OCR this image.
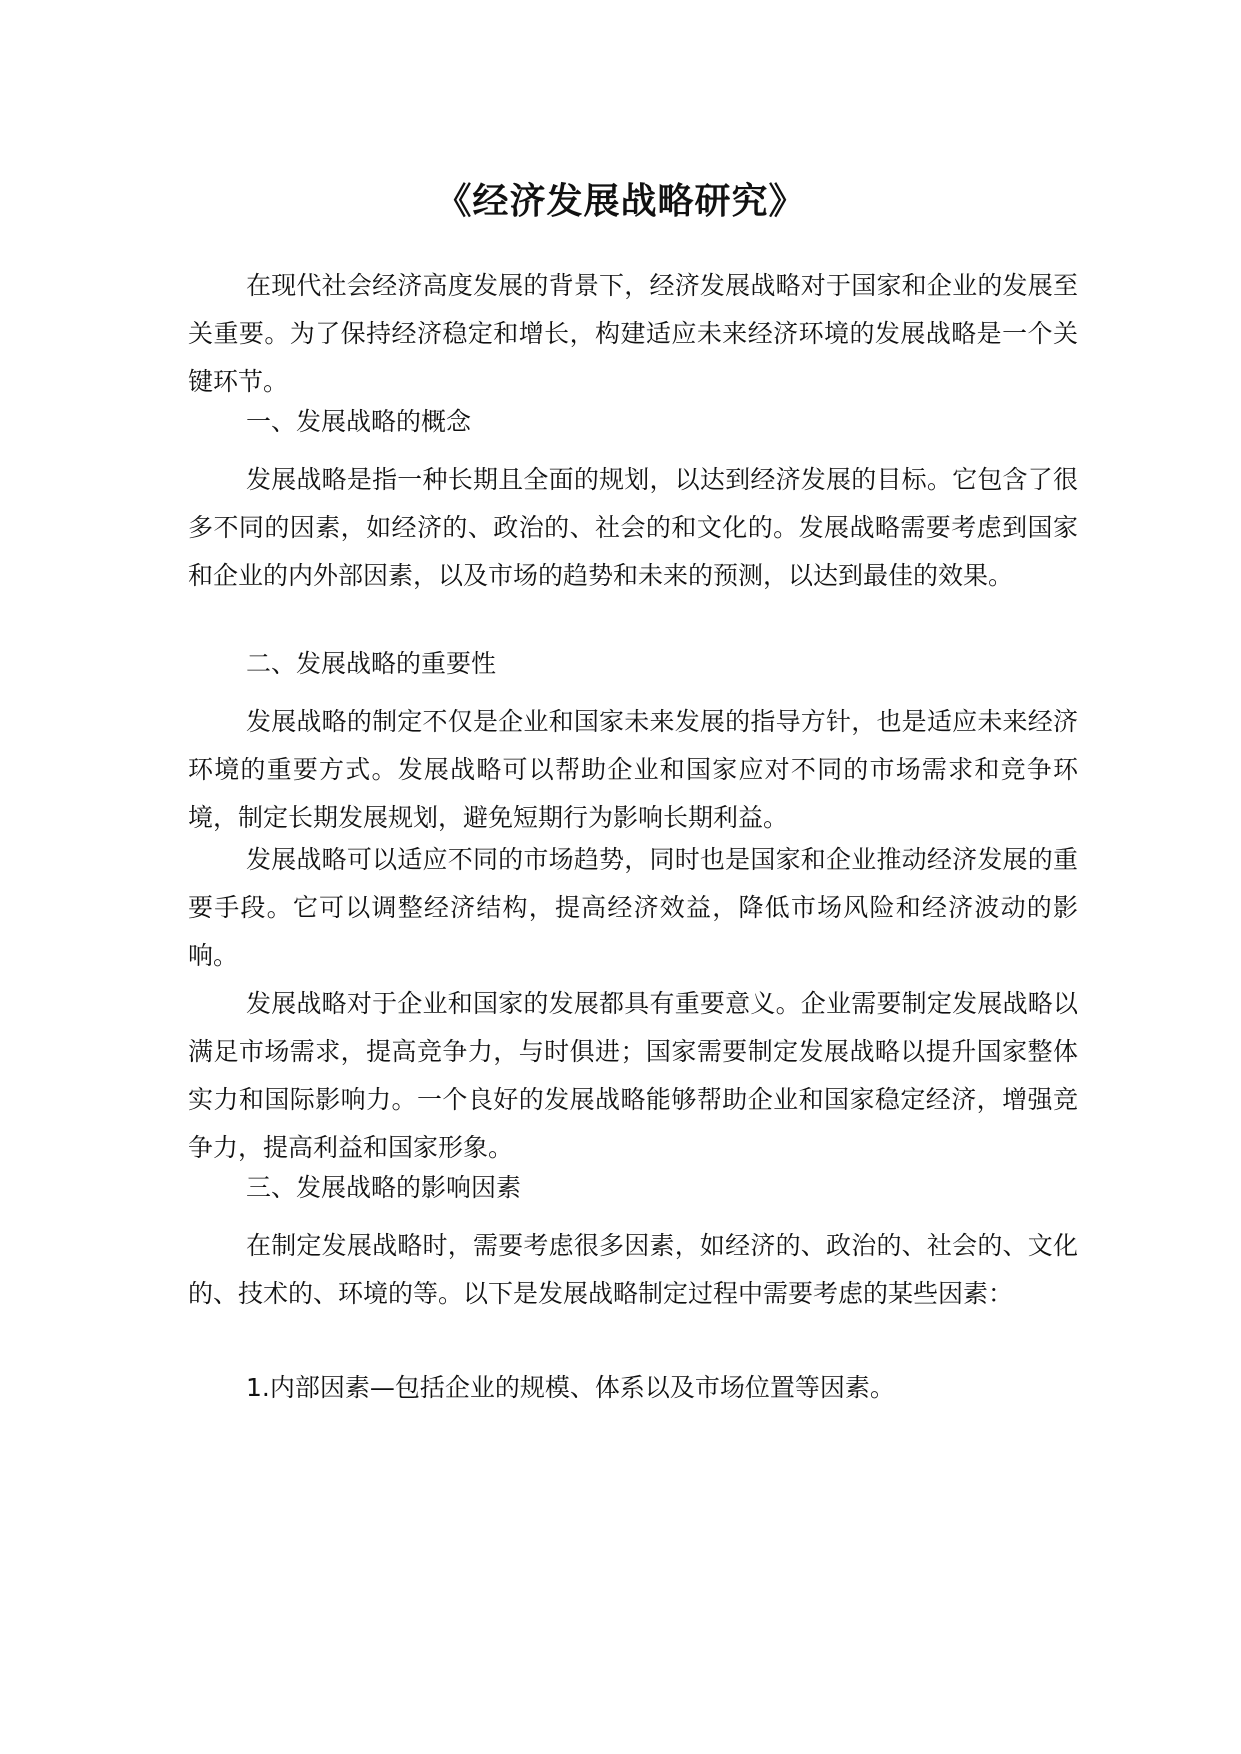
《经济发展战略研究》

在现代社会经济高度发展的背景下，经济发展战略对于国家和企业的发展至关重要。为了保持经济稳定和增长，构建适应未来经济环境的发展战略是一个关键环节。

一、发展战略的概念

发展战略是指一种长期且全面的规划，以达到经济发展的目标。它包含了很多不同的因素，如经济的、政治的、社会的和文化的。发展战略需要考虑到国家和企业的内外部因素，以及市场的趋势和未来的预测，以达到最佳的效果。

二、发展战略的重要性

发展战略的制定不仅是企业和国家未来发展的指导方针，也是适应未来经济环境的重要方式。发展战略可以帮助企业和国家应对不同的市场需求和竞争环境，制定长期发展规划，避免短期行为影响长期利益。

发展战略可以适应不同的市场趋势，同时也是国家和企业推动经济发展的重要手段。它可以调整经济结构，提高经济效益，降低市场风险和经济波动的影响。

发展战略对于企业和国家的发展都具有重要意义。企业需要制定发展战略以满足市场需求，提高竞争力，与时俱进；国家需要制定发展战略以提升国家整体实力和国际影响力。一个良好的发展战略能够帮助企业和国家稳定经济，增强竞争力，提高利益和国家形象。

三、发展战略的影响因素

在制定发展战略时，需要考虑很多因素，如经济的、政治的、社会的、文化的、技术的、环境的等。以下是发展战略制定过程中需要考虑的某些因素：

1.内部因素—包括企业的规模、体系以及市场位置等因素。
